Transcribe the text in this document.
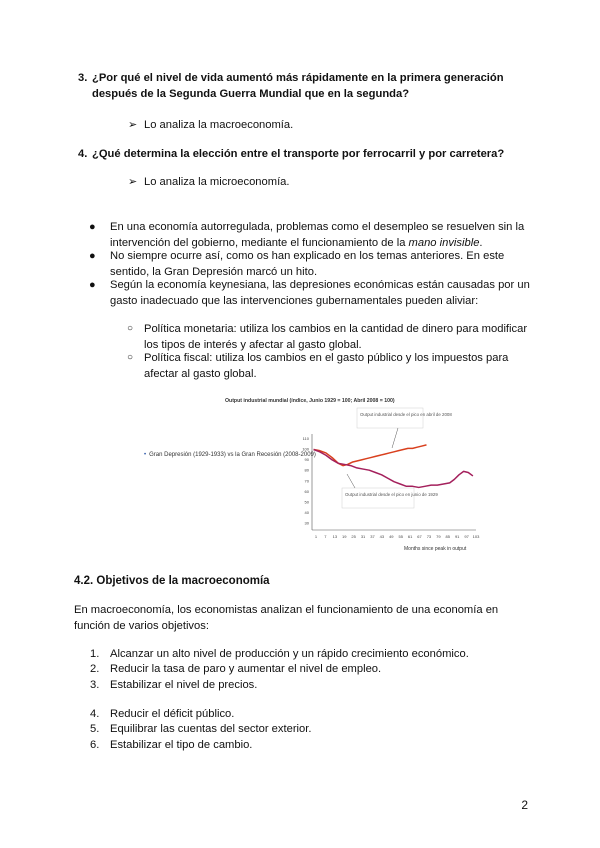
3. ¿Por qué el nivel de vida aumentó más rápidamente en la primera generación después de la Segunda Guerra Mundial que en la segunda?
➢ Lo analiza la macroeconomía.
4. ¿Qué determina la elección entre el transporte por ferrocarril y por carretera?
➢ Lo analiza la microeconomía.
● En una economía autorregulada, problemas como el desempleo se resuelven sin la intervención del gobierno, mediante el funcionamiento de la mano invisible.
● No siempre ocurre así, como os han explicado en los temas anteriores. En este sentido, la Gran Depresión marcó un hito.
● Según la economía keynesiana, las depresiones económicas están causadas por un gasto inadecuado que las intervenciones gubernamentales pueden aliviar:
○ Política monetaria: utiliza los cambios en la cantidad de dinero para modificar los tipos de interés y afectar al gasto global.
○ Política fiscal: utiliza los cambios en el gasto público y los impuestos para afectar al gasto global.
Output industrial mundial (índice, Junio 1929 = 100; Abril 2008 = 100)
• Gran Depresión (1929-1933) vs la Gran Recesión (2008-2009)
110
100
90
80
70
60
50
40
30
1 7 13 19 25 31 37 43 49 55 61 67 73 79 85 91 97 103
Output industrial desde el pico en abril de 2008
Output industrial desde el pico en junio de 1929
Months since peak in output
4.2. Objetivos de la macroeconomía
En macroeconomía, los economistas analizan el funcionamiento de una economía en función de varios objetivos:
1. Alcanzar un alto nivel de producción y un rápido crecimiento económico.
2. Reducir la tasa de paro y aumentar el nivel de empleo.
3. Estabilizar el nivel de precios.
4. Reducir el déficit público.
5. Equilibrar las cuentas del sector exterior.
6. Estabilizar el tipo de cambio.
2
